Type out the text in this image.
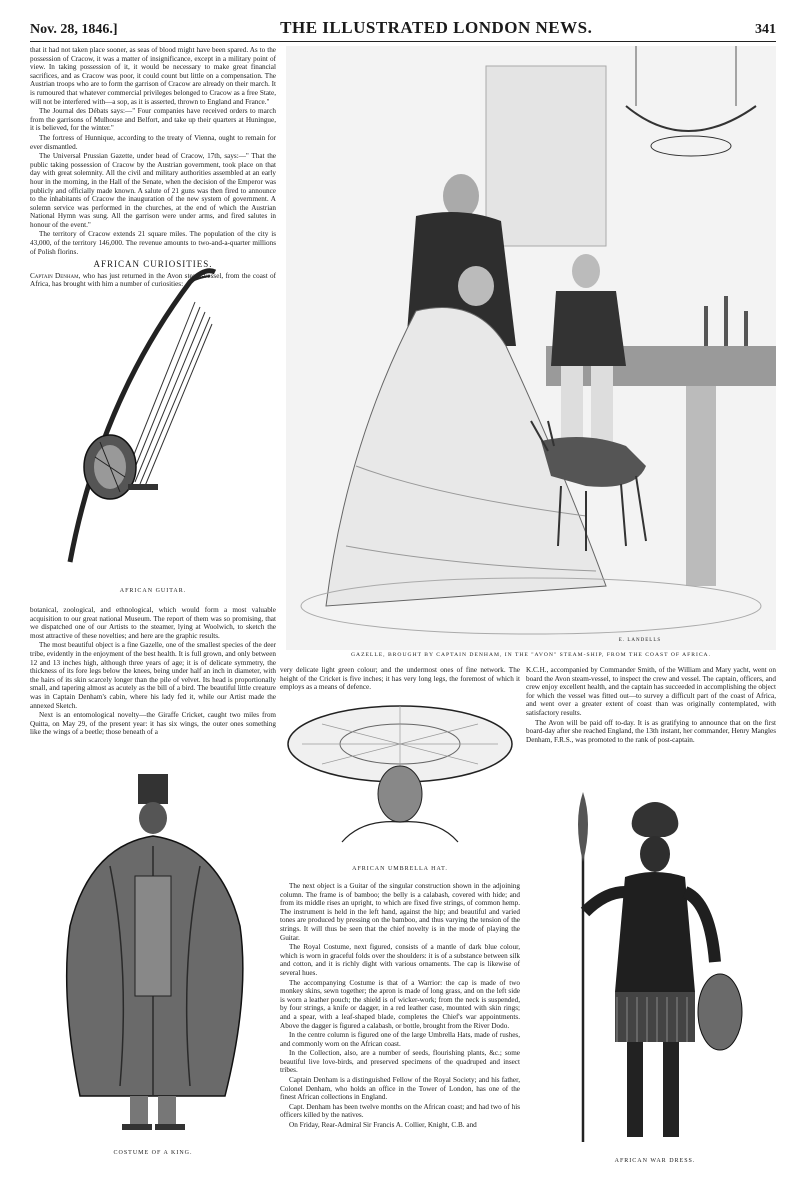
Nov. 28, 1846.]	THE ILLUSTRATED LONDON NEWS.	341

that it had not taken place sooner, as seas of blood might have been spared. As to the possession of Cracow, it was a matter of insignificance, except in a military point of view. In taking possession of it, it would be necessary to make great financial sacrifices, and as Cracow was poor, it could count but little on a compensation. The Austrian troops who are to form the garrison of Cracow are already on their march. It is rumoured that whatever commercial privileges belonged to Cracow as a free State, will not be interfered with—a sop, as it is asserted, thrown to England and France."

The Journal des Débats says:—" Four companies have received orders to march from the garrisons of Mulhouse and Belfort, and take up their quarters at Huningue, it is believed, for the winter."

The fortress of Hunnique, according to the treaty of Vienna, ought to remain for ever dismantled.

The Universal Prussian Gazette, under head of Cracow, 17th, says:—" That the public taking possession of Cracow by the Austrian government, took place on that day with great solemnity. All the civil and military authorities assembled at an early hour in the morning, in the Hall of the Senate, when the decision of the Emperor was publicly and officially made known. A salute of 21 guns was then fired to announce to the inhabitants of Cracow the inauguration of the new system of government. A solemn service was performed in the churches, at the end of which the Austrian National Hymn was sung. All the garrison were under arms, and fired salutes in honour of the event."

The territory of Cracow extends 21 square miles. The population of the city is 43,000, of the territory 146,000. The revenue amounts to two-and-a-quarter millions of Polish florins.

AFRICAN CURIOSITIES.

Captain Denham, who has just returned in the Avon steam-vessel, from the coast of Africa, has brought with him a number of curiosities:

AFRICAN GUITAR.

botanical, zoological, and ethnological, which would form a most valuable acquisition to our great national Museum. The report of them was so promising, that we dispatched one of our Artists to the steamer, lying at Woolwich, to sketch the most attractive of these novelties; and here are the graphic results.

The most beautiful object is a fine Gazelle, one of the smallest species of the deer tribe, evidently in the enjoyment of the best health. It is full grown, and only between 12 and 13 inches high, although three years of age; it is of delicate symmetry, the thickness of its fore legs below the knees, being under half an inch in diameter, with the hairs of its skin scarcely longer than the pile of velvet. Its head is proportionally small, and tapering almost as acutely as the bill of a bird. The beautiful little creature was in Captain Denham's cabin, where his lady fed it, while our Artist made the annexed Sketch.

Next is an entomological novelty—the Giraffe Cricket, caught two miles from Quitta, on May 29, of the present year: it has six wings, the outer ones something like the wings of a beetle; those beneath of a

COSTUME OF A KING.
E. LANDELLS
GAZELLE, BROUGHT BY CAPTAIN DENHAM, IN THE "AVON" STEAM-SHIP, FROM THE COAST OF AFRICA.

very delicate light green colour; and the undermost ones of fine network. The height of the Cricket is five inches; it has very long legs, the foremost of which it employs as a means of defence.

AFRICAN UMBRELLA HAT.

The next object is a Guitar of the singular construction shown in the adjoining column. The frame is of bamboo; the belly is a calabash, covered with hide; and from its middle rises an upright, to which are fixed five strings, of common hemp. The instrument is held in the left hand, against the hip; and beautiful and varied tones are produced by pressing on the bamboo, and thus varying the tension of the strings. It will thus be seen that the chief novelty is in the mode of playing the Guitar.

The Royal Costume, next figured, consists of a mantle of dark blue colour, which is worn in graceful folds over the shoulders: it is of a substance between silk and cotton, and it is richly dight with various ornaments. The cap is likewise of several hues.

The accompanying Costume is that of a Warrior: the cap is made of two monkey skins, sewn together; the apron is made of long grass, and on the left side is worn a leather pouch; the shield is of wicker-work; from the neck is suspended, by four strings, a knife or dagger, in a red leather case, mounted with skin rings; and a spear, with a leaf-shaped blade, completes the Chief's war appointments. Above the dagger is figured a calabash, or bottle, brought from the River Dodo.

In the centre column is figured one of the large Umbrella Hats, made of rushes, and commonly worn on the African coast.

In the Collection, also, are a number of seeds, flourishing plants, &c.; some beautiful live love-birds, and preserved specimens of the quadruped and insect tribes.

Captain Denham is a distinguished Fellow of the Royal Society; and his father, Colonel Denham, who holds an office in the Tower of London, has one of the finest African collections in England.

Capt. Denham has been twelve months on the African coast; and had two of his officers killed by the natives.

On Friday, Rear-Admiral Sir Francis A. Collier, Knight, C.B. and

K.C.H., accompanied by Commander Smith, of the William and Mary yacht, went on board the Avon steam-vessel, to inspect the crew and vessel. The captain, officers, and crew enjoy excellent health, and the captain has succeeded in accomplishing the object for which the vessel was fitted out—to survey a difficult part of the coast of Africa, and went over a greater extent of coast than was originally contemplated, with satisfactory results.

The Avon will be paid off to-day. It is as gratifying to announce that on the first board-day after she reached England, the 13th instant, her commander, Henry Mangles Denham, F.R.S., was promoted to the rank of post-captain.

AFRICAN WAR DRESS.
